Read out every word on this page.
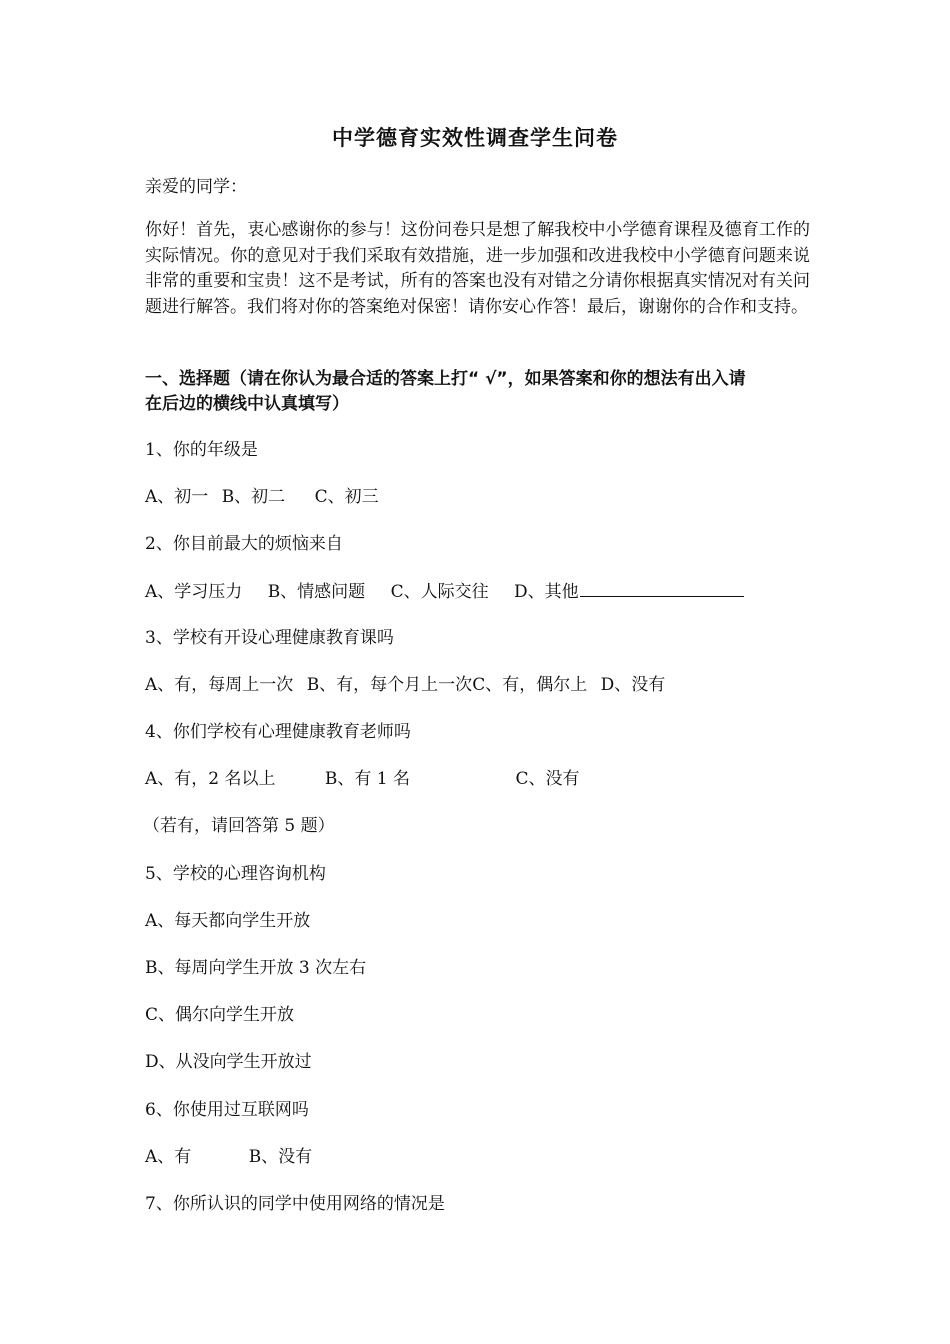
中学德育实效性调查学生问卷
亲爱的同学：
你好！首先，衷心感谢你的参与！这份问卷只是想了解我校中小学德育课程及德育工作的实际情况。你的意见对于我们采取有效措施，进一步加强和改进我校中小学德育问题来说非常的重要和宝贵！这不是考试，所有的答案也没有对错之分请你根据真实情况对有关问题进行解答。我们将对你的答案绝对保密！请你安心作答！最后，谢谢你的合作和支持。
一、选择题（请在你认为最合适的答案上打“ √”，如果答案和你的想法有出入请
在后边的横线中认真填写）
1、你的年级是
A、初一 B、初二 C、初三
2、你目前最大的烦恼来自
A、学习压力 B、情感问题 C、人际交往 D、其他
3、学校有开设心理健康教育课吗
A、有，每周上一次 B、有，每个月上一次C、有，偶尔上 D、没有
4、你们学校有心理健康教育老师吗
A、有，2 名以上	B、有 1 名	C、没有
（若有，请回答第 5 题）
5、学校的心理咨询机构
A、每天都向学生开放
B、每周向学生开放 3 次左右
C、偶尔向学生开放
D、从没向学生开放过
6、你使用过互联网吗
A、有	B、没有
7、你所认识的同学中使用网络的情况是
